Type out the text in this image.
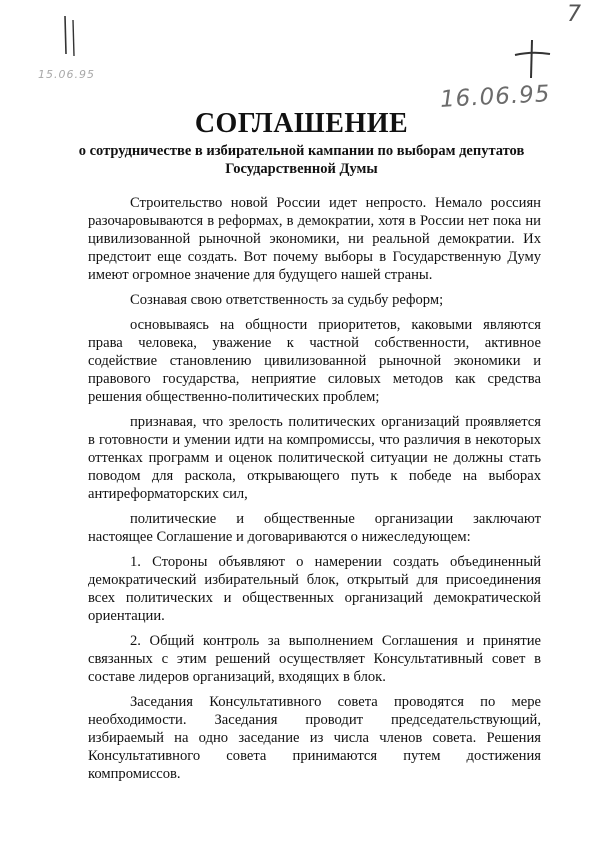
15.06.95
7
16.06.95
СОГЛАШЕНИЕ
о сотрудничестве в избирательной кампании по выборам депутатов Государственной Думы

Строительство новой России идет непросто. Немало россиян разочаровываются в реформах, в демократии, хотя в России нет пока ни цивилизованной рыночной экономики, ни реальной демократии. Их предстоит еще создать. Вот почему выборы в Государственную Думу имеют огромное значение для будущего нашей страны.

Сознавая свою ответственность за судьбу реформ;

основываясь на общности приоритетов, каковыми являются права человека, уважение к частной собственности, активное содействие становлению цивилизованной рыночной экономики и правового государства, неприятие силовых методов как средства решения общественно-политических проблем;

признавая, что зрелость политических организаций проявляется в готовности и умении идти на компромиссы, что различия в некоторых оттенках программ и оценок политической ситуации не должны стать поводом для раскола, открывающего путь к победе на выборах антиреформаторских сил,

политические и общественные организации заключают настоящее Соглашение и договариваются о нижеследующем:

1. Стороны объявляют о намерении создать объединенный демократический избирательный блок, открытый для присоединения всех политических и общественных организаций демократической ориентации.

2. Общий контроль за выполнением Соглашения и принятие связанных с этим решений осуществляет Консультативный совет в составе лидеров организаций, входящих в блок.

Заседания Консультативного совета проводятся по мере необходимости. Заседания проводит председательствующий, избираемый на одно заседание из числа членов совета. Решения Консультативного совета принимаются путем достижения компромиссов.
